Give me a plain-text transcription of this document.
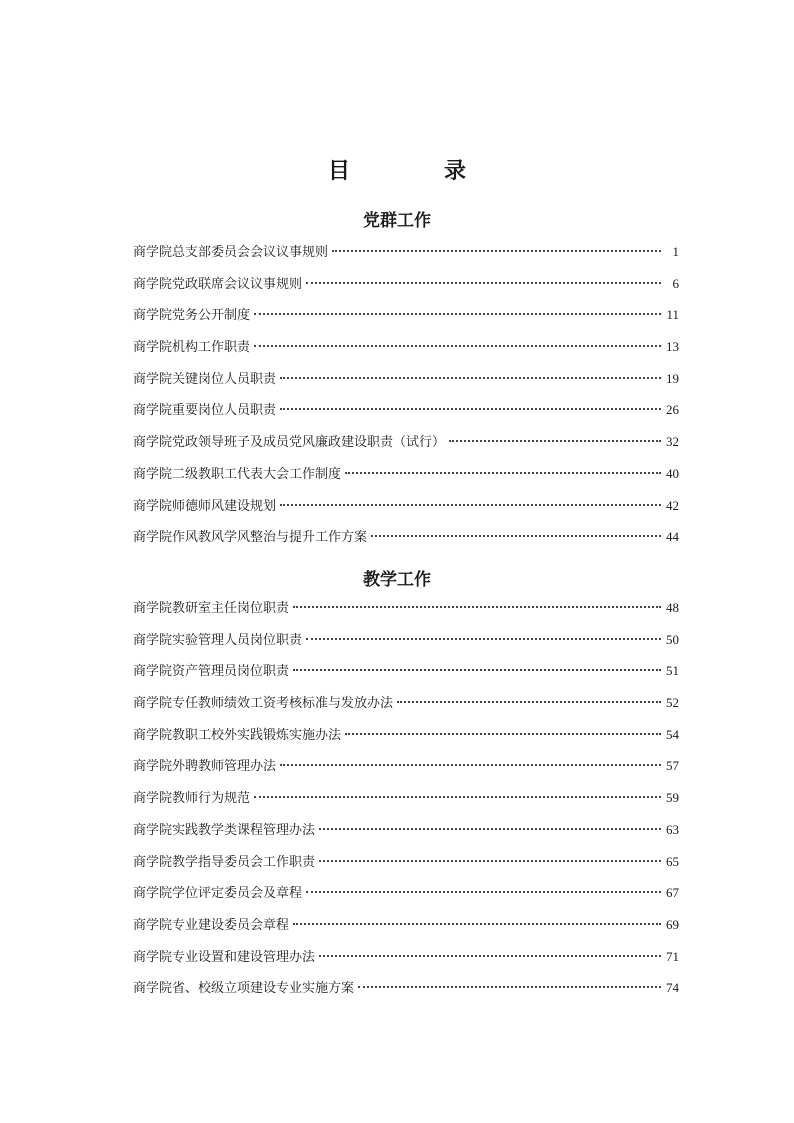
目　录
党群工作
商学院总支部委员会会议议事规则	1
商学院党政联席会议议事规则	6
商学院党务公开制度	11
商学院机构工作职责	13
商学院关键岗位人员职责	19
商学院重要岗位人员职责	26
商学院党政领导班子及成员党风廉政建设职责（试行）	32
商学院二级教职工代表大会工作制度	40
商学院师德师风建设规划	42
商学院作风教风学风整治与提升工作方案	44
教学工作
商学院教研室主任岗位职责	48
商学院实验管理人员岗位职责	50
商学院资产管理员岗位职责	51
商学院专任教师绩效工资考核标准与发放办法	52
商学院教职工校外实践锻炼实施办法	54
商学院外聘教师管理办法	57
商学院教师行为规范	59
商学院实践教学类课程管理办法	63
商学院教学指导委员会工作职责	65
商学院学位评定委员会及章程	67
商学院专业建设委员会章程	69
商学院专业设置和建设管理办法	71
商学院省、校级立项建设专业实施方案	74
